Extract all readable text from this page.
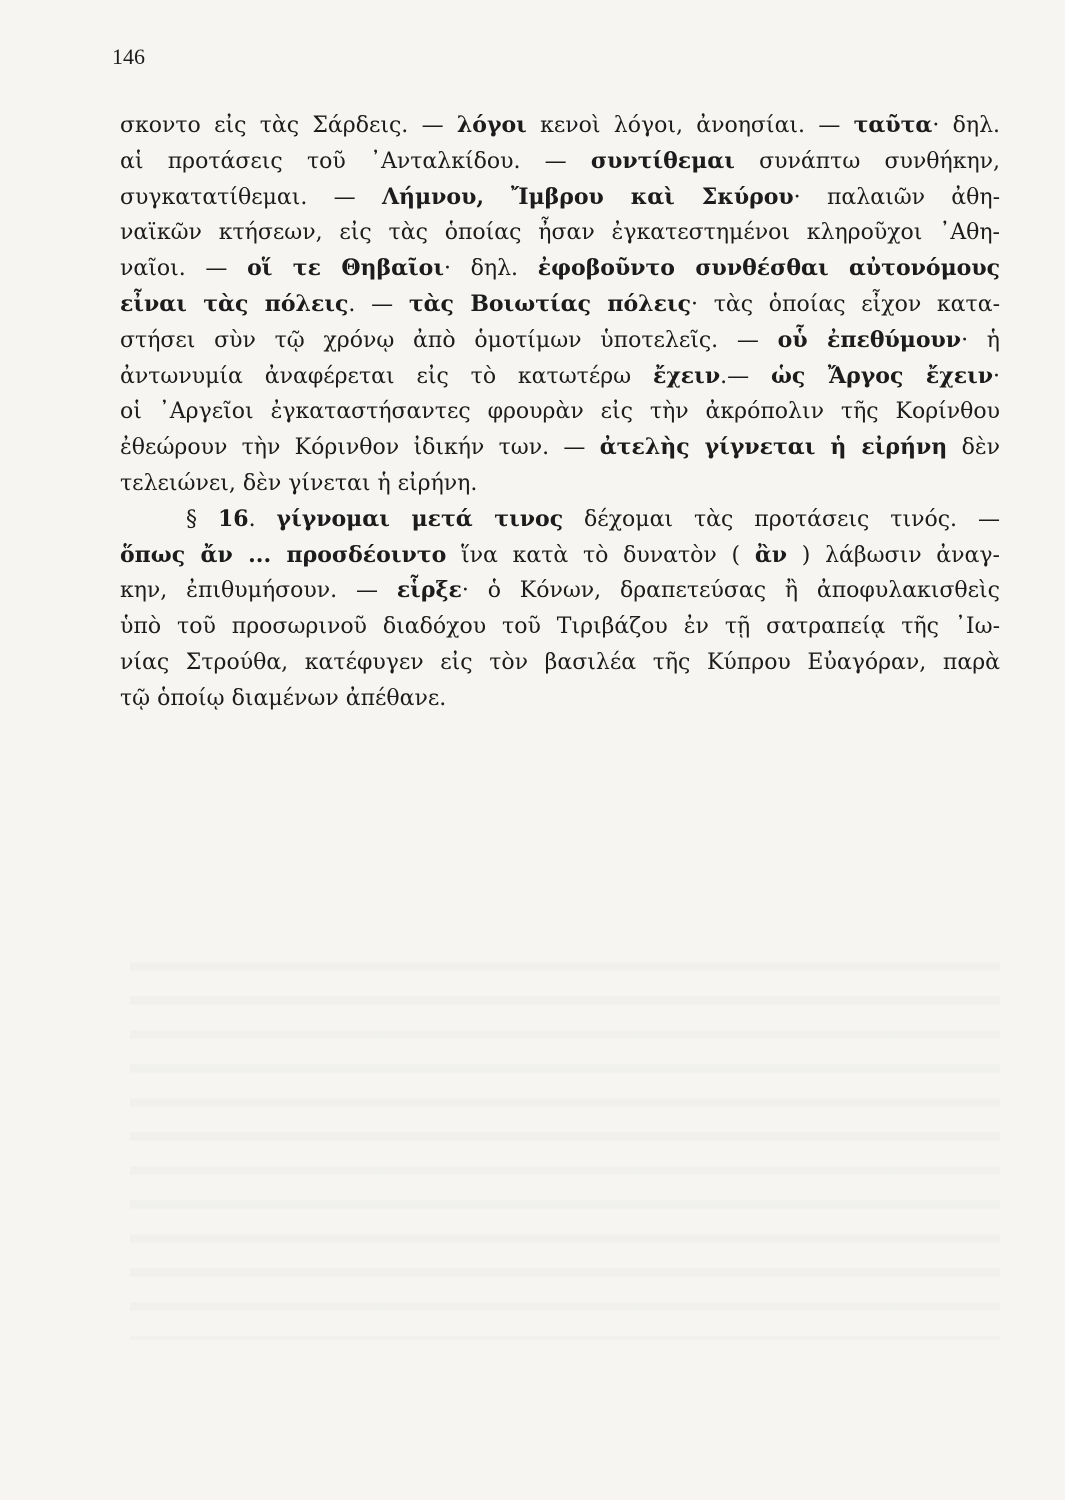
146
σκοντο εἰς τὰς Σάρδεις. — λόγοι κενοὶ λόγοι, ἀνοησίαι. — ταῦτα· δηλ.
αἱ προτάσεις τοῦ ᾿Ανταλκίδου. — συντίθεμαι συνάπτω συνθήκην,
συγκατατίθεμαι. — Λήμνου, Ἴμβρου καὶ Σκύρου· παλαιῶν ἀθη-
ναϊκῶν κτήσεων, εἰς τὰς ὁποίας ἦσαν ἐγκατεστημένοι κληροῦχοι ᾿Αθη-
ναῖοι. — οἵ τε Θηβαῖοι· δηλ. ἐφοβοῦντο συνθέσθαι αὐτονόμους
εἶναι τὰς πόλεις. — τὰς Βοιωτίας πόλεις· τὰς ὁποίας εἶχον κατα-
στήσει σὺν τῷ χρόνῳ ἀπὸ ὁμοτίμων ὑποτελεῖς. — οὗ ἐπεθύμουν· ἡ
ἀντωνυμία ἀναφέρεται εἰς τὸ κατωτέρω ἔχειν.— ὡς Ἄργος ἔχειν·
οἱ ᾿Αργεῖοι ἐγκαταστήσαντες φρουρὰν εἰς τὴν ἀκρόπολιν τῆς Κορίνθου
ἐθεώρουν τὴν Κόρινθον ἰδικήν των. — ἀτελὴς γίγνεται ἡ εἰρήνη δὲν
τελειώνει, δὲν γίνεται ἡ εἰρήνη.
§ 16. γίγνομαι μετά τινος δέχομαι τὰς προτάσεις τινός. —
ὅπως ἄν ... προσδέοιντο ἵνα κατὰ τὸ δυνατὸν ( ἂν ) λάβωσιν ἀναγ-
κην, ἐπιθυμήσουν. — εἷρξε· ὁ Κόνων, δραπετεύσας ἢ ἀποφυλακισθεὶς
ὑπὸ τοῦ προσωρινοῦ διαδόχου τοῦ Τιριβάζου ἐν τῇ σατραπείᾳ τῆς ᾿Ιω-
νίας Στρούθα, κατέφυγεν εἰς τὸν βασιλέα τῆς Κύπρου Εὐαγόραν, παρὰ
τῷ ὁποίῳ διαμένων ἀπέθανε.
